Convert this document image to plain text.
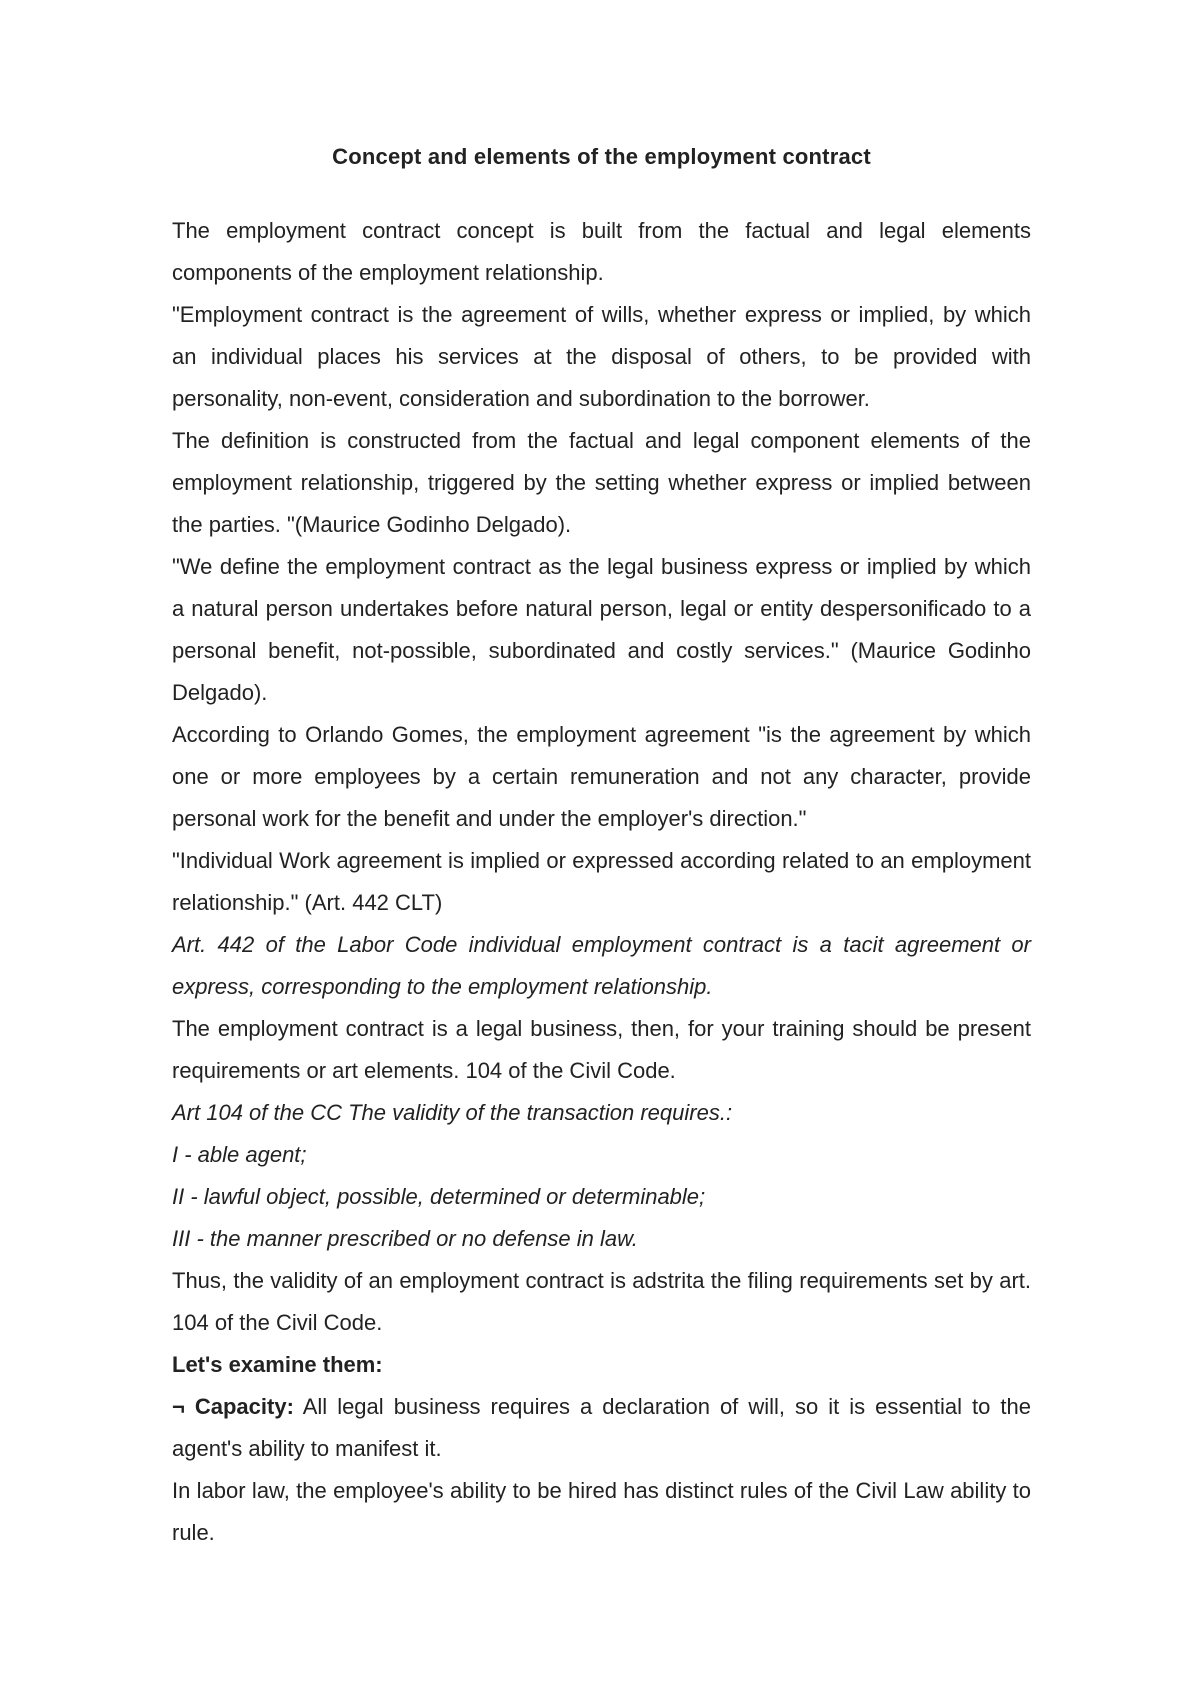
Concept and elements of the employment contract

The employment contract concept is built from the factual and legal elements components of the employment relationship.

"Employment contract is the agreement of wills, whether express or implied, by which an individual places his services at the disposal of others, to be provided with personality, non-event, consideration and subordination to the borrower.

The definition is constructed from the factual and legal component elements of the employment relationship, triggered by the setting whether express or implied between the parties. "(Maurice Godinho Delgado).

"We define the employment contract as the legal business express or implied by which a natural person undertakes before natural person, legal or entity despersonificado to a personal benefit, not-possible, subordinated and costly services." (Maurice Godinho Delgado).

According to Orlando Gomes, the employment agreement "is the agreement by which one or more employees by a certain remuneration and not any character, provide personal work for the benefit and under the employer's direction."

"Individual Work agreement is implied or expressed according related to an employment relationship." (Art. 442 CLT)

Art. 442 of the Labor Code individual employment contract is a tacit agreement or express, corresponding to the employment relationship.

The employment contract is a legal business, then, for your training should be present requirements or art elements. 104 of the Civil Code.

Art 104 of the CC The validity of the transaction requires.:

I - able agent;

II - lawful object, possible, determined or determinable;

III - the manner prescribed or no defense in law.

Thus, the validity of an employment contract is adstrita the filing requirements set by art. 104 of the Civil Code.

Let's examine them:

¬ Capacity: All legal business requires a declaration of will, so it is essential to the agent's ability to manifest it.

In labor law, the employee's ability to be hired has distinct rules of the Civil Law ability to rule.
